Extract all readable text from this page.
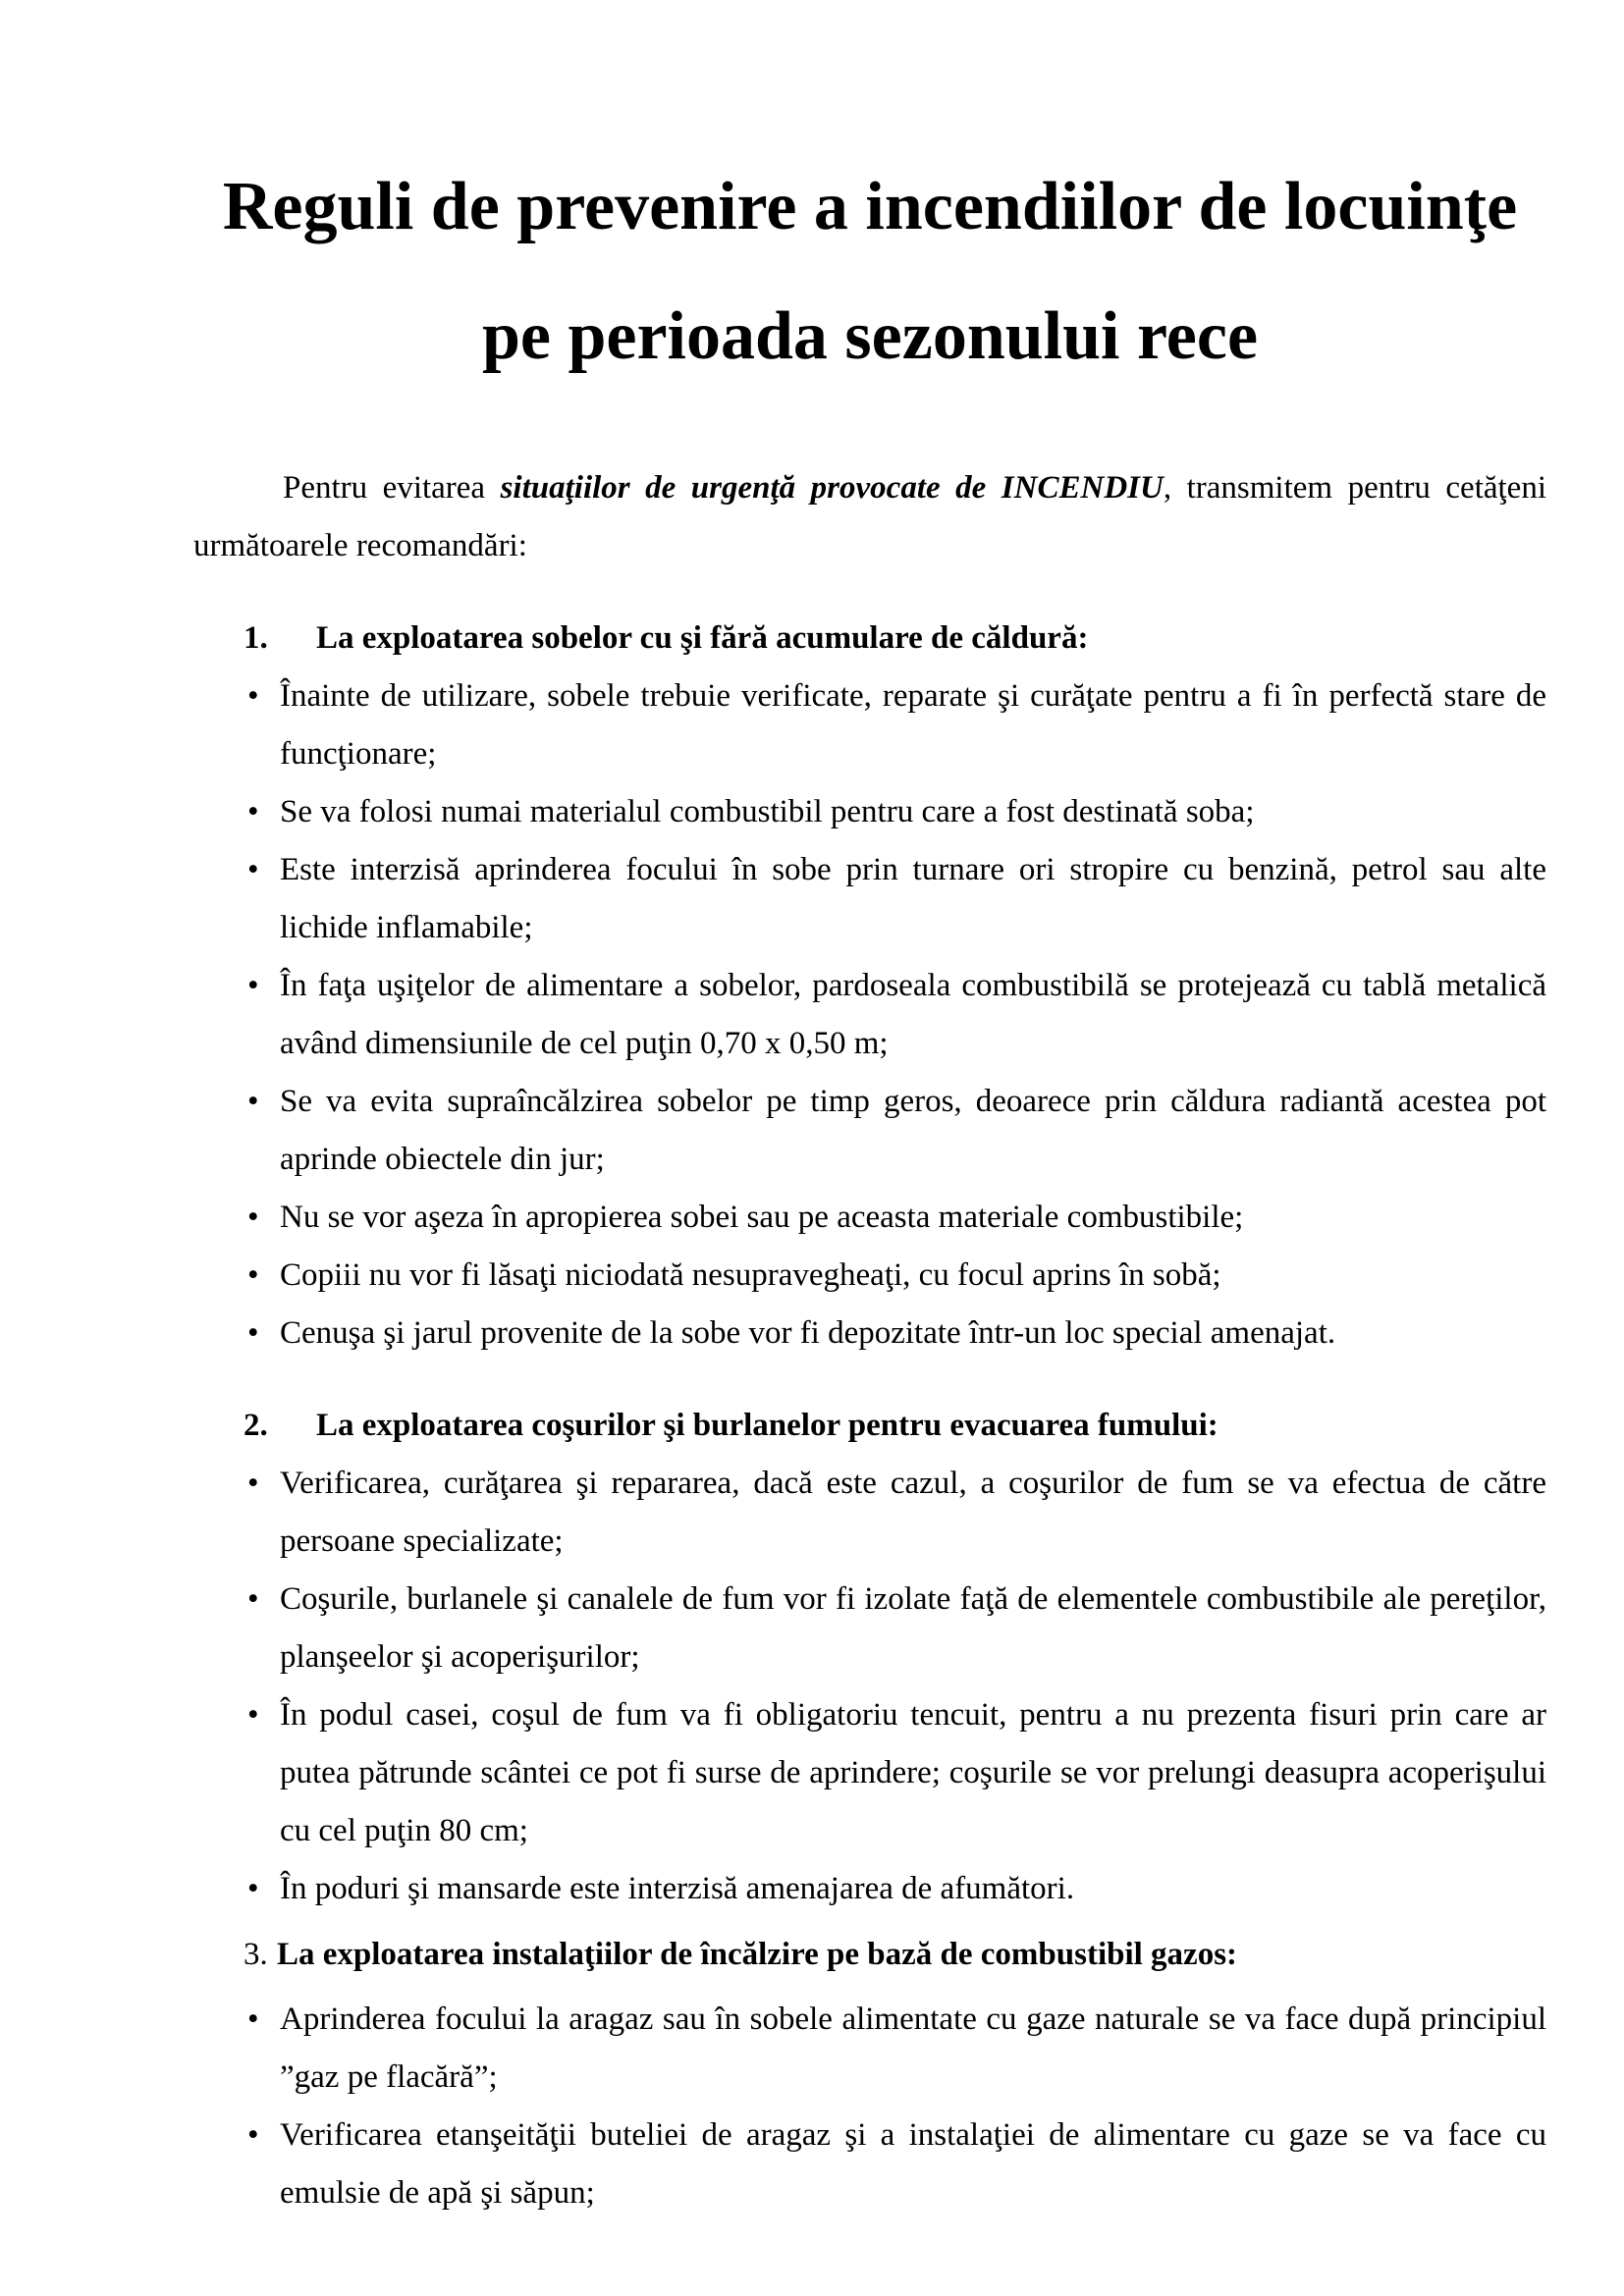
Reguli de prevenire a incendiilor de locuinţe pe perioada sezonului rece

Pentru evitarea situaţiilor de urgenţă provocate de INCENDIU, transmitem pentru cetăţeni următoarele recomandări:

1.	La exploatarea sobelor cu şi fără acumulare de căldură:
• Înainte de utilizare, sobele trebuie verificate, reparate şi curăţate pentru a fi în perfectă stare de funcţionare;
• Se va folosi numai materialul combustibil pentru care a fost destinată soba;
• Este interzisă aprinderea focului în sobe prin turnare ori stropire cu benzină, petrol sau alte lichide inflamabile;
• În faţa uşiţelor de alimentare a sobelor, pardoseala combustibilă se protejează cu tablă metalică având dimensiunile de cel puţin 0,70 x 0,50 m;
• Se va evita supraîncălzirea sobelor pe timp geros, deoarece prin căldura radiantă acestea pot aprinde obiectele din jur;
• Nu se vor aşeza în apropierea sobei sau pe aceasta materiale combustibile;
• Copiii nu vor fi lăsaţi niciodată nesupravegheaţi, cu focul aprins în sobă;
• Cenuşa şi jarul provenite de la sobe vor fi depozitate într-un loc special amenajat.
2.	La exploatarea coşurilor şi burlanelor pentru evacuarea fumului:
• Verificarea, curăţarea şi repararea, dacă este cazul, a coşurilor de fum se va efectua de către persoane specializate;
• Coşurile, burlanele şi canalele de fum vor fi izolate faţă de elementele combustibile ale pereţilor, planşeelor şi acoperişurilor;
• În podul casei, coşul de fum va fi obligatoriu tencuit, pentru a nu prezenta fisuri prin care ar putea pătrunde scântei ce pot fi surse de aprindere; coşurile se vor prelungi deasupra acoperişului cu cel puţin 80 cm;
• În poduri şi mansarde este interzisă amenajarea de afumători.
3. La exploatarea instalaţiilor de încălzire pe bază de combustibil gazos:
• Aprinderea focului la aragaz sau în sobele alimentate cu gaze naturale se va face după principiul ”gaz pe flacără”;
• Verificarea etanşeităţii buteliei de aragaz şi a instalaţiei de alimentare cu gaze se va face cu emulsie de apă şi săpun;
